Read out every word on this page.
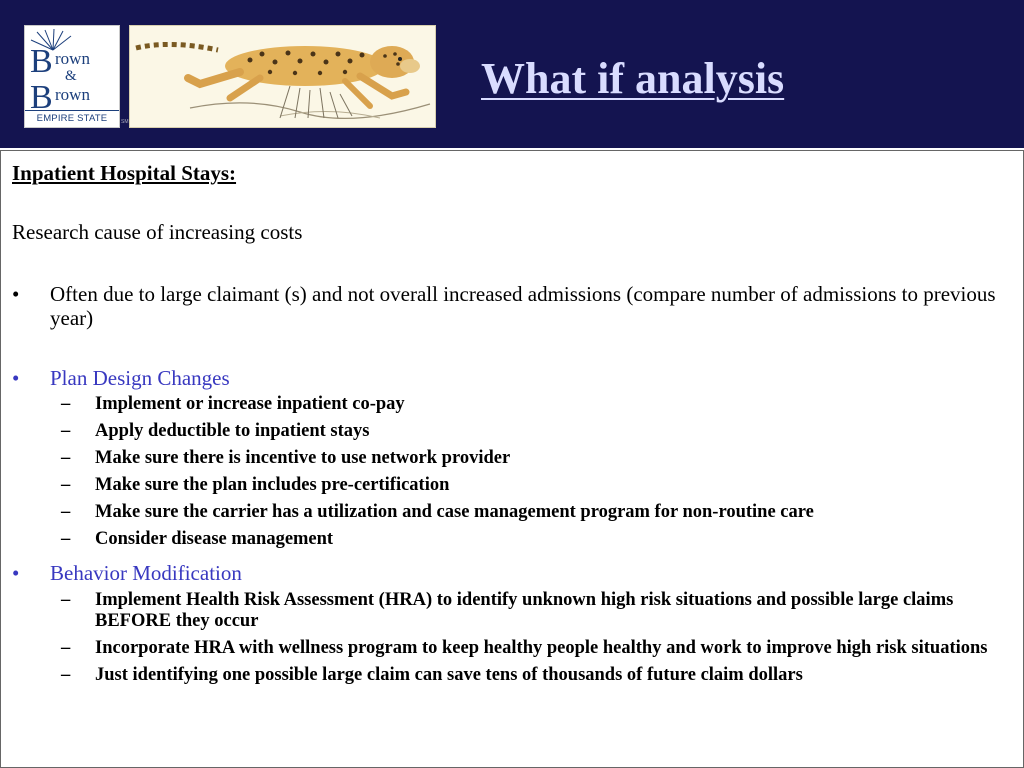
B
B
rown
&
rown
EMPIRE STATE	SM
What if analysis
Inpatient Hospital Stays:
Research cause of increasing costs
•	Often due to large claimant (s) and not overall increased admissions (compare number of admissions to previous year)
•	Plan Design Changes
–	Implement or increase inpatient co-pay
–	Apply deductible to inpatient stays
–	Make sure there is incentive to use network provider
–	Make sure the plan includes pre-certification
–	Make sure the carrier has a utilization and case management program for non-routine care
–	Consider disease management
•	Behavior Modification
–	Implement Health Risk Assessment (HRA) to identify unknown high risk situations and possible large claims BEFORE they occur
–	Incorporate HRA with wellness program to keep healthy people healthy and work to improve high risk situations
–	Just identifying one possible large claim can save tens of thousands of future claim dollars
